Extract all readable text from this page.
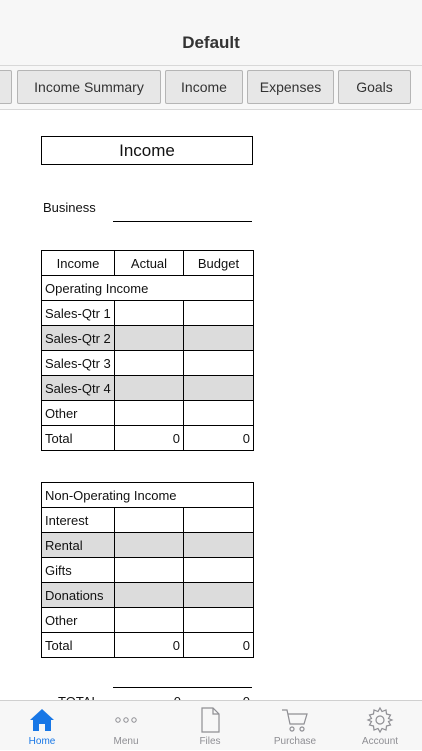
Default
Income Summary	Income	Expenses	Goals
Income
Business
Income	Actual	Budget
Operating Income		
Sales-Qtr 1		
Sales-Qtr 2		
Sales-Qtr 3		
Sales-Qtr 4		
Other		
Total	0	0
Non-Operating Income		
Interest		
Rental		
Gifts		
Donations		
Other		
Total	0	0
Home	Menu	Files	Purchase	Account
